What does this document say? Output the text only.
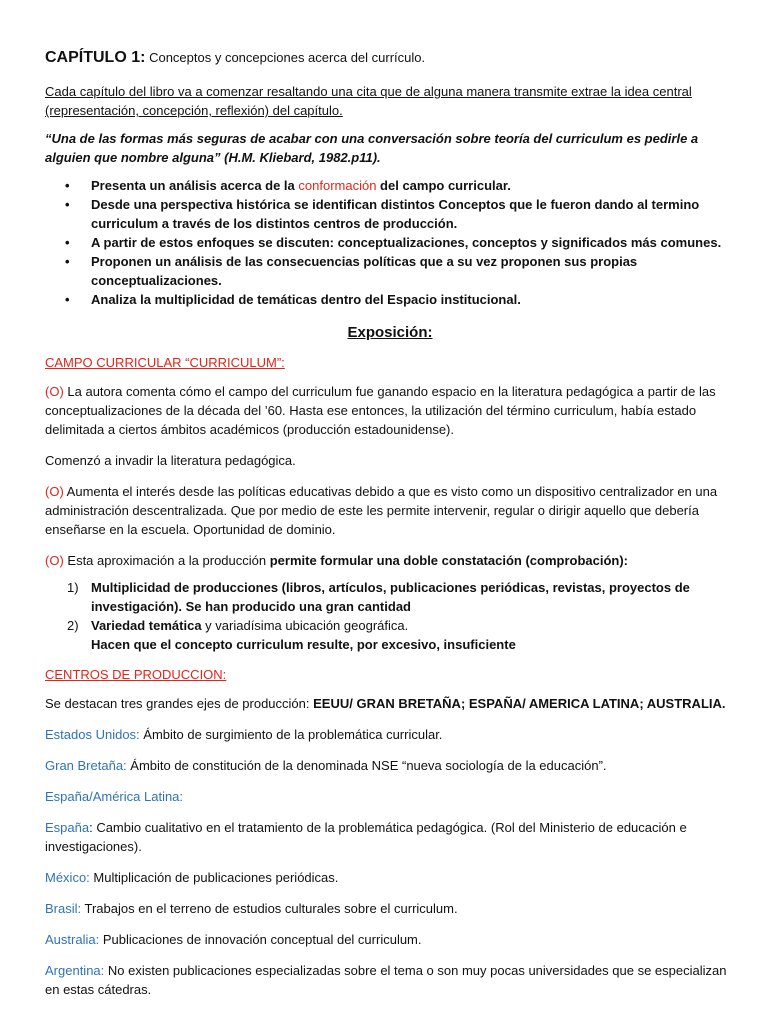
CAPÍTULO 1: Conceptos y concepciones acerca del currículo.

Cada capítulo del libro va a comenzar resaltando una cita que de alguna manera transmite extrae la idea central (representación, concepción, reflexión) del capítulo.

“Una de las formas más seguras de acabar con una conversación sobre teoría del curriculum es pedirle a alguien que nombre alguna” (H.M. Kliebard, 1982.p11).

• Presenta un análisis acerca de la conformación del campo curricular.
• Desde una perspectiva histórica se identifican distintos Conceptos que le fueron dando al termino curriculum a través de los distintos centros de producción.
• A partir de estos enfoques se discuten: conceptualizaciones, conceptos y significados más comunes.
• Proponen un análisis de las consecuencias políticas que a su vez proponen sus propias conceptualizaciones.
• Analiza la multiplicidad de temáticas dentro del Espacio institucional.
Exposición:

CAMPO CURRICULAR “CURRICULUM”:

(O) La autora comenta cómo el campo del curriculum fue ganando espacio en la literatura pedagógica a partir de las conceptualizaciones de la década del ’60. Hasta ese entonces, la utilización del término curriculum, había estado delimitada a ciertos ámbitos académicos (producción estadounidense).

Comenzó a invadir la literatura pedagógica.

(O) Aumenta el interés desde las políticas educativas debido a que es visto como un dispositivo centralizador en una administración descentralizada. Que por medio de este les permite intervenir, regular o dirigir aquello que debería enseñarse en la escuela. Oportunidad de dominio.

(O) Esta aproximación a la producción permite formular una doble constatación (comprobación):

1) Multiplicidad de producciones (libros, artículos, publicaciones periódicas, revistas, proyectos de investigación). Se han producido una gran cantidad
2) Variedad temática y variadísima ubicación geográfica.
Hacen que el concepto curriculum resulte, por excesivo, insuficiente

CENTROS DE PRODUCCION:

Se destacan tres grandes ejes de producción: EEUU/ GRAN BRETAÑA; ESPAÑA/ AMERICA LATINA; AUSTRALIA.

Estados Unidos: Ámbito de surgimiento de la problemática curricular.

Gran Bretaña: Ámbito de constitución de la denominada NSE “nueva sociología de la educación”.

España/América Latina:

España: Cambio cualitativo en el tratamiento de la problemática pedagógica. (Rol del Ministerio de educación e investigaciones).

México: Multiplicación de publicaciones periódicas.

Brasil: Trabajos en el terreno de estudios culturales sobre el curriculum.

Australia: Publicaciones de innovación conceptual del curriculum.

Argentina: No existen publicaciones especializadas sobre el tema o son muy pocas universidades que se especializan en estas cátedras.
